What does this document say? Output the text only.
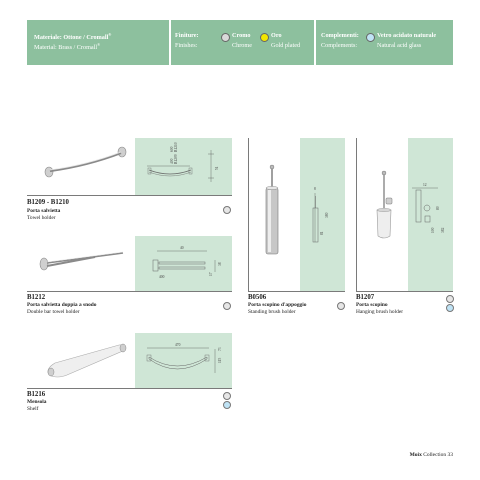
Materiale: Ottone / Cromall®
Material: Brass / Cromall®
Finiture:
Finishes:
Cromo
Chrome
Oro
Gold plated
Complementi:
Complements:
Vetro acidato naturale
Natural acid glass
400 B1209
600 B1210
51
B1209 - B1210
Porta salvietta
Towel holder
40
400
38
17
B1212
Porta salvietta doppia a snodo
Double bar towel holder
8
380
81
B0506
Porta scopino d'appoggio
Standing brush holder
12
80
382
100
B1207
Porta scopino
Hanging brush holder
470
115
73
B1216
Mensola
Shelf
Moix Collection 33
